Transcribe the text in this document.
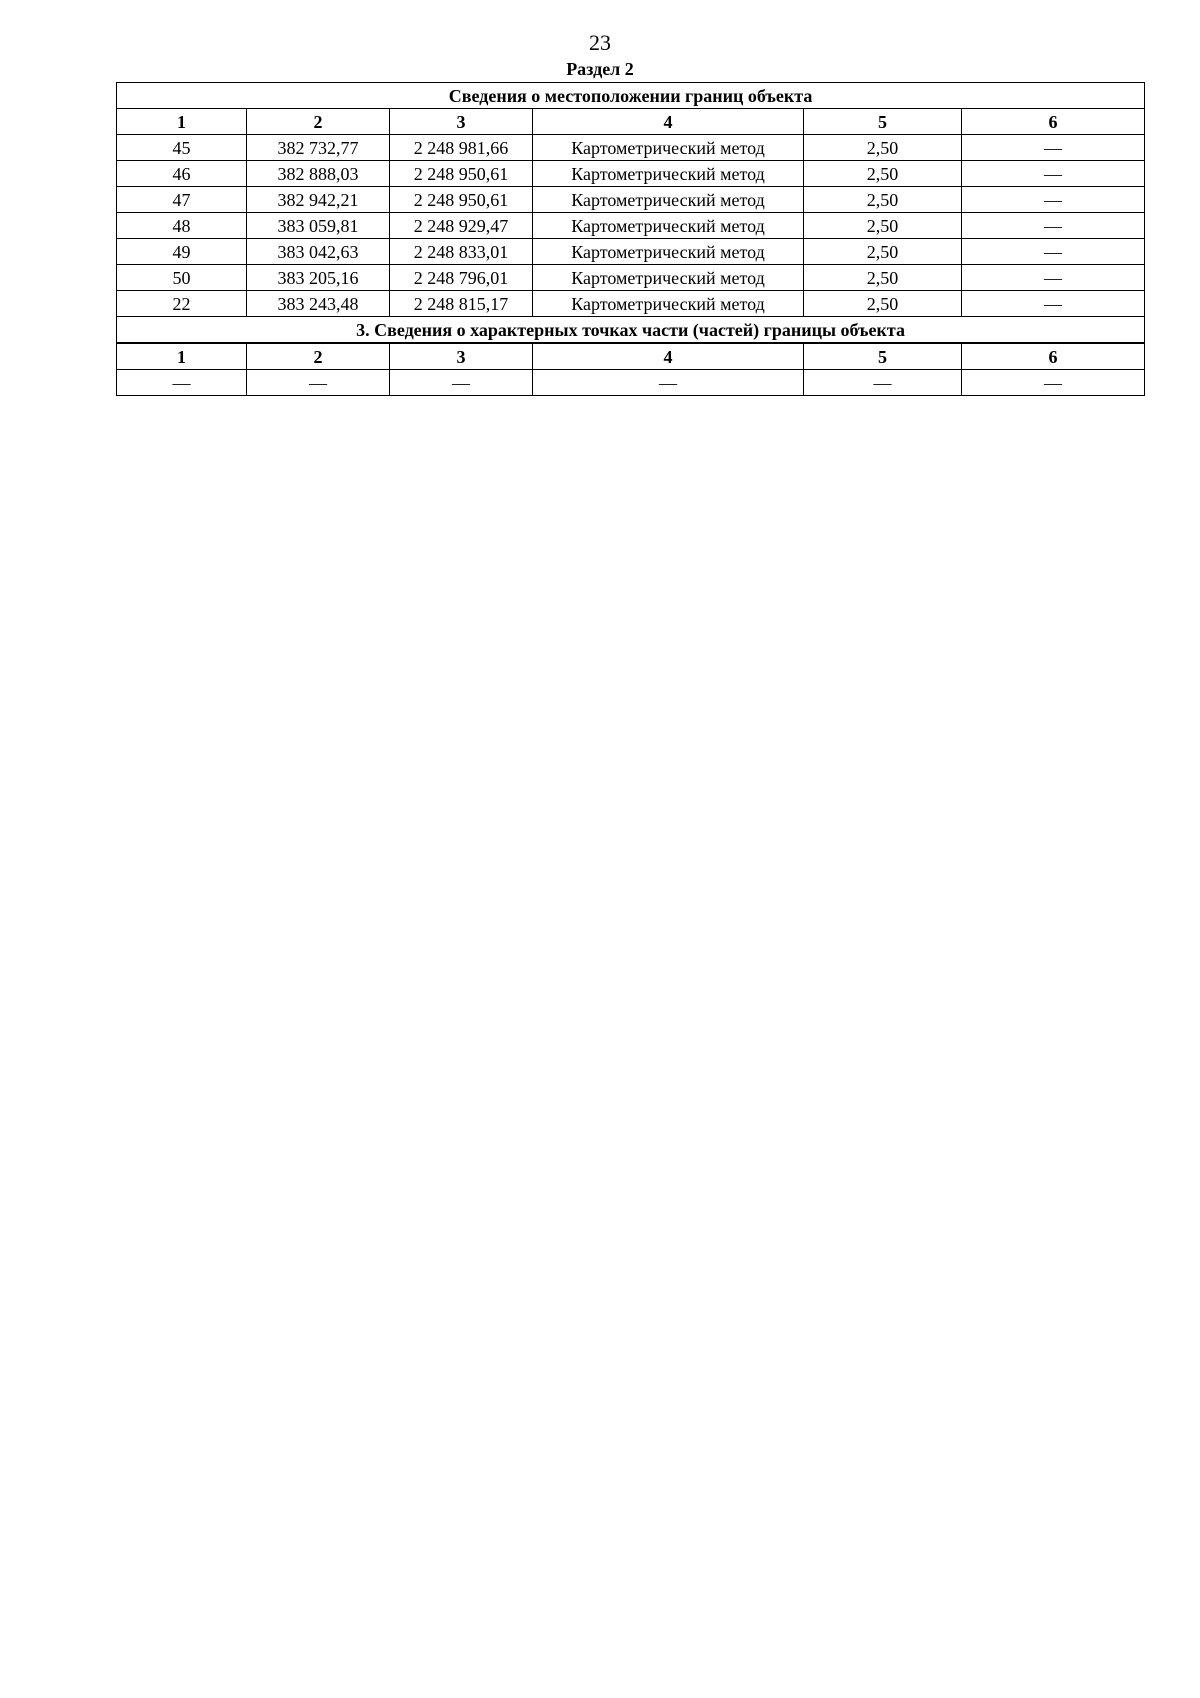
23
Раздел 2
Сведения о местоположении границ объекта					
1	2	3	4	5	6
45	382 732,77	2 248 981,66	Картометрический метод	2,50	—
46	382 888,03	2 248 950,61	Картометрический метод	2,50	—
47	382 942,21	2 248 950,61	Картометрический метод	2,50	—
48	383 059,81	2 248 929,47	Картометрический метод	2,50	—
49	383 042,63	2 248 833,01	Картометрический метод	2,50	—
50	383 205,16	2 248 796,01	Картометрический метод	2,50	—
22	383 243,48	2 248 815,17	Картометрический метод	2,50	—
3. Сведения о характерных точках части (частей) границы объекта					
1	2	3	4	5	6
—	—	—	—	—	—
